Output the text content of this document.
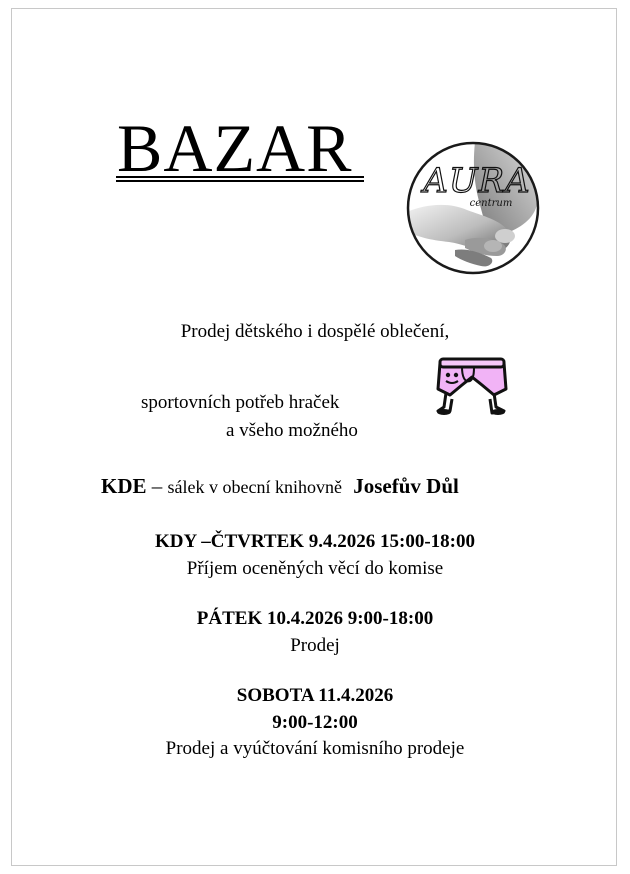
BAZAR AURA
centrum
Prodej dětského i dospělé oblečení,
sportovních potřeb hraček
a všeho možného
KDE – sálek v obecní knihovně Josefův Důl
KDY –ČTVRTEK 9.4.2026 15:00-18:00
Příjem oceněných věcí do komise
PÁTEK 10.4.2026 9:00-18:00
Prodej
SOBOTA 11.4.2026
9:00-12:00
Prodej a vyúčtování komisního prodeje
